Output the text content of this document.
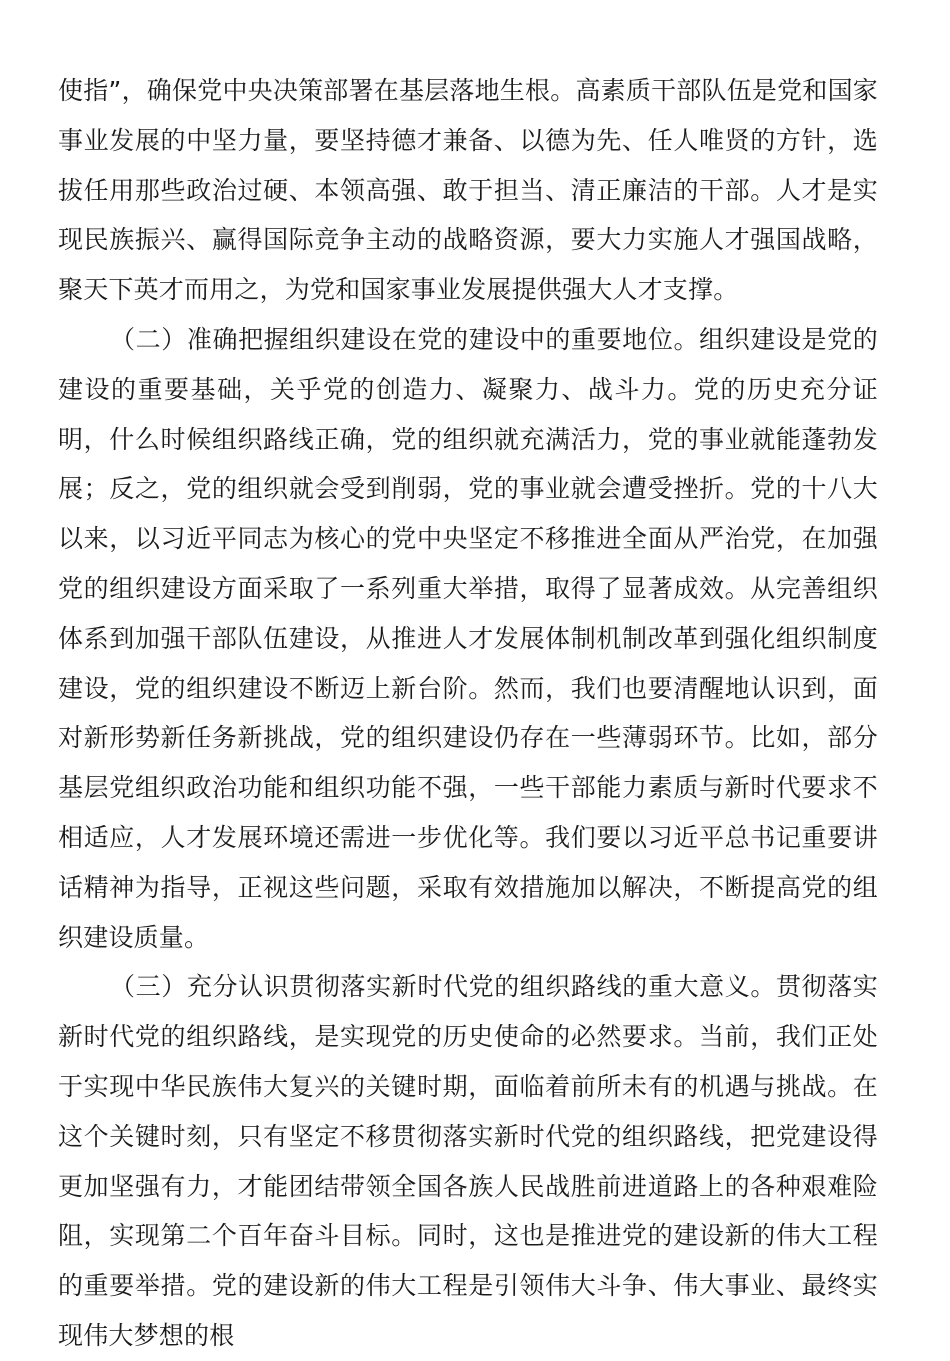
使指”，确保党中央决策部署在基层落地生根。高素质干部队伍是党和国家事业发展的中坚力量，要坚持德才兼备、以德为先、任人唯贤的方针，选拔任用那些政治过硬、本领高强、敢于担当、清正廉洁的干部。人才是实现民族振兴、赢得国际竞争主动的战略资源，要大力实施人才强国战略，聚天下英才而用之，为党和国家事业发展提供强大人才支撑。

（二）准确把握组织建设在党的建设中的重要地位。组织建设是党的建设的重要基础，关乎党的创造力、凝聚力、战斗力。党的历史充分证明，什么时候组织路线正确，党的组织就充满活力，党的事业就能蓬勃发展；反之，党的组织就会受到削弱，党的事业就会遭受挫折。党的十八大以来，以习近平同志为核心的党中央坚定不移推进全面从严治党，在加强党的组织建设方面采取了一系列重大举措，取得了显著成效。从完善组织体系到加强干部队伍建设，从推进人才发展体制机制改革到强化组织制度建设，党的组织建设不断迈上新台阶。然而，我们也要清醒地认识到，面对新形势新任务新挑战，党的组织建设仍存在一些薄弱环节。比如，部分基层党组织政治功能和组织功能不强，一些干部能力素质与新时代要求不相适应，人才发展环境还需进一步优化等。我们要以习近平总书记重要讲话精神为指导，正视这些问题，采取有效措施加以解决，不断提高党的组织建设质量。

（三）充分认识贯彻落实新时代党的组织路线的重大意义。贯彻落实新时代党的组织路线，是实现党的历史使命的必然要求。当前，我们正处于实现中华民族伟大复兴的关键时期，面临着前所未有的机遇与挑战。在这个关键时刻，只有坚定不移贯彻落实新时代党的组织路线，把党建设得更加坚强有力，才能团结带领全国各族人民战胜前进道路上的各种艰难险阻，实现第二个百年奋斗目标。同时，这也是推进党的建设新的伟大工程的重要举措。党的建设新的伟大工程是引领伟大斗争、伟大事业、最终实现伟大梦想的根
